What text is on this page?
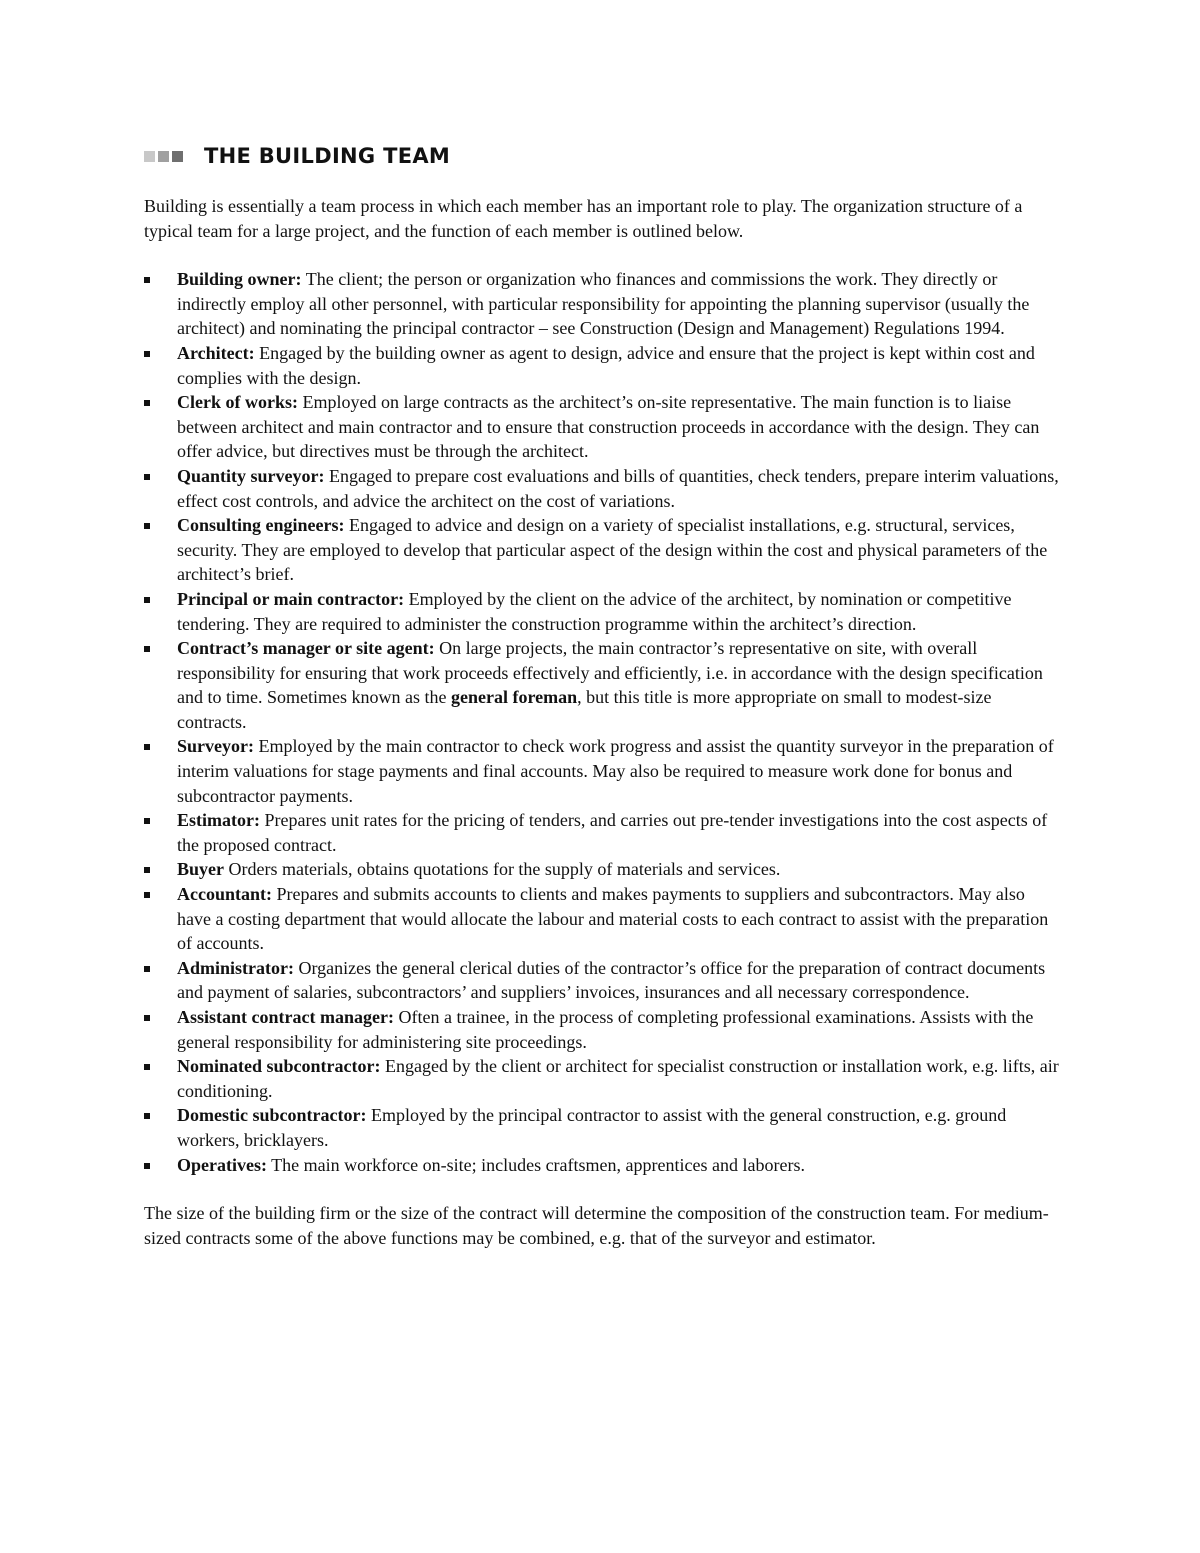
THE BUILDING TEAM

Building is essentially a team process in which each member has an important role to play. The organization structure of a typical team for a large project, and the function of each member is outlined below.

Building owner: The client; the person or organization who finances and commissions the work. They directly or indirectly employ all other personnel, with particular responsibility for appointing the planning supervisor (usually the architect) and nominating the principal contractor – see Construction (Design and Management) Regulations 1994.
Architect: Engaged by the building owner as agent to design, advice and ensure that the project is kept within cost and complies with the design.
Clerk of works: Employed on large contracts as the architect’s on-site representative. The main function is to liaise between architect and main contractor and to ensure that construction proceeds in accordance with the design. They can offer advice, but directives must be through the architect.
Quantity surveyor: Engaged to prepare cost evaluations and bills of quantities, check tenders, prepare interim valuations, effect cost controls, and advice the architect on the cost of variations.
Consulting engineers: Engaged to advice and design on a variety of specialist installations, e.g. structural, services, security. They are employed to develop that particular aspect of the design within the cost and physical parameters of the architect’s brief.
Principal or main contractor: Employed by the client on the advice of the architect, by nomination or competitive tendering. They are required to administer the construction programme within the architect’s direction.
Contract’s manager or site agent: On large projects, the main contractor’s representative on site, with overall responsibility for ensuring that work proceeds effectively and efficiently, i.e. in accordance with the design specification and to time. Sometimes known as the general foreman, but this title is more appropriate on small to modest-size contracts.
Surveyor: Employed by the main contractor to check work progress and assist the quantity surveyor in the preparation of interim valuations for stage payments and final accounts. May also be required to measure work done for bonus and subcontractor payments.
Estimator: Prepares unit rates for the pricing of tenders, and carries out pre-tender investigations into the cost aspects of the proposed contract.
Buyer Orders materials, obtains quotations for the supply of materials and services.
Accountant: Prepares and submits accounts to clients and makes payments to suppliers and subcontractors. May also have a costing department that would allocate the labour and material costs to each contract to assist with the preparation of accounts.
Administrator: Organizes the general clerical duties of the contractor’s office for the preparation of contract documents and payment of salaries, subcontractors’ and suppliers’ invoices, insurances and all necessary correspondence.
Assistant contract manager: Often a trainee, in the process of completing professional examinations. Assists with the general responsibility for administering site proceedings.
Nominated subcontractor: Engaged by the client or architect for specialist construction or installation work, e.g. lifts, air conditioning.
Domestic subcontractor: Employed by the principal contractor to assist with the general construction, e.g. ground workers, bricklayers.
Operatives: The main workforce on-site; includes craftsmen, apprentices and laborers.

The size of the building firm or the size of the contract will determine the composition of the construction team. For medium-sized contracts some of the above functions may be combined, e.g. that of the surveyor and estimator.
